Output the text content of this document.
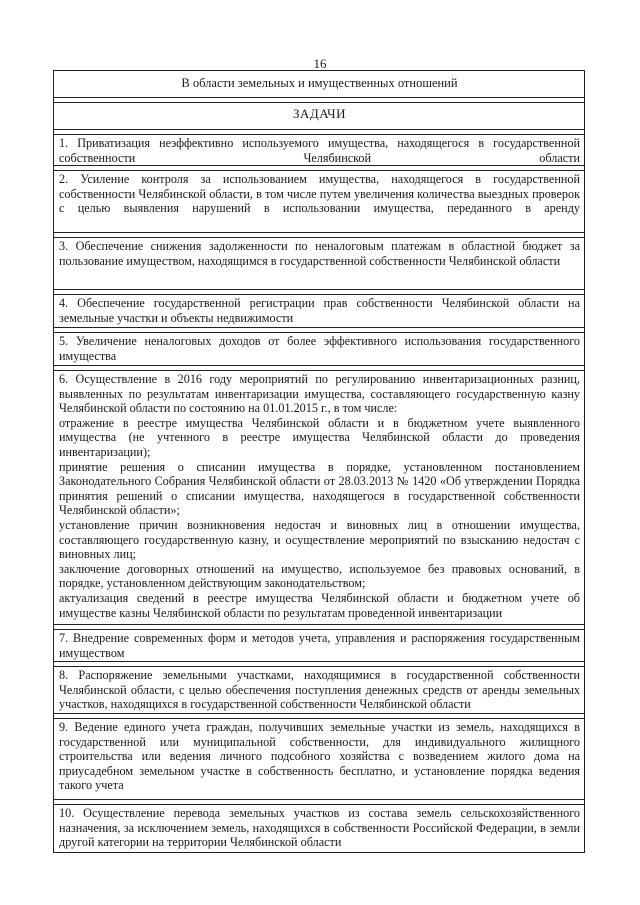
16
В области земельных и имущественных отношений
ЗАДАЧИ

1. Приватизация неэффективно используемого имущества, находящегося в государственной собственности Челябинской области

2. Усиление контроля за использованием имущества, находящегося в государственной собственности Челябинской области, в том числе путем увеличения количества выездных проверок с целью выявления нарушений в использовании имущества, переданного в аренду

3. Обеспечение снижения задолженности по неналоговым платежам в областной бюджет за пользование имуществом, находящимся в государственной собственности Челябинской области

4. Обеспечение государственной регистрации прав собственности Челябинской области на земельные участки и объекты недвижимости

5. Увеличение неналоговых доходов от более эффективного использования государственного имущества

6. Осуществление в 2016 году мероприятий по регулированию инвентаризационных разниц, выявленных по результатам инвентаризации имущества, составляющего государственную казну Челябинской области по состоянию на 01.01.2015 г., в том числе:

отражение в реестре имущества Челябинской области и в бюджетном учете выявленного имущества (не учтенного в реестре имущества Челябинской области до проведения инвентаризации);

принятие решения о списании имущества в порядке, установленном постановлением Законодательного Собрания Челябинской области от 28.03.2013 № 1420 «Об утверждении Порядка принятия решений о списании имущества, находящегося в государственной собственности Челябинской области»;

установление причин возникновения недостач и виновных лиц в отношении имущества, составляющего государственную казну, и осуществление мероприятий по взысканию недостач с виновных лиц;

заключение договорных отношений на имущество, используемое без правовых оснований, в порядке, установленном действующим законодательством;

актуализация сведений в реестре имущества Челябинской области и бюджетном учете об имуществе казны Челябинской области по результатам проведенной инвентаризации

7. Внедрение современных форм и методов учета, управления и распоряжения государственным имуществом

8. Распоряжение земельными участками, находящимися в государственной собственности Челябинской области, с целью обеспечения поступления денежных средств от аренды земельных участков, находящихся в государственной собственности Челябинской области

9. Ведение единого учета граждан, получивших земельные участки из земель, находящихся в государственной или муниципальной собственности, для индивидуального жилищного строительства или ведения личного подсобного хозяйства с возведением жилого дома на приусадебном земельном участке в собственность бесплатно, и установление порядка ведения такого учета

10. Осуществление перевода земельных участков из состава земель сельскохозяйственного назначения, за исключением земель, находящихся в собственности Российской Федерации, в земли другой категории на территории Челябинской области
